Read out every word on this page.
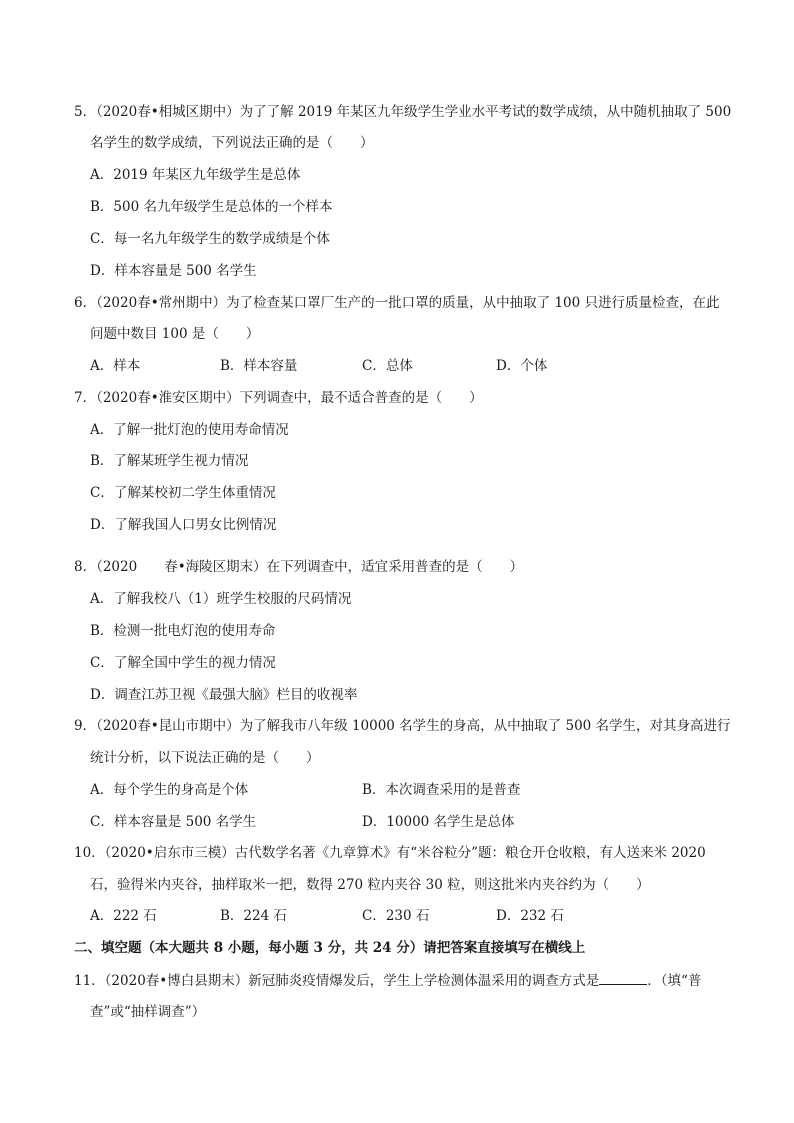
5．（2020春•相城区期中）为了了解 2019 年某区九年级学生学业水平考试的数学成绩，从中随机抽取了 500
名学生的数学成绩，下列说法正确的是（　　）
A．2019 年某区九年级学生是总体
B．500 名九年级学生是总体的一个样本
C．每一名九年级学生的数学成绩是个体
D．样本容量是 500 名学生
6．（2020春•常州期中）为了检查某口罩厂生产的一批口罩的质量，从中抽取了 100 只进行质量检查，在此
问题中数目 100 是（　　）
A．样本	B．样本容量	C．总体	D．个体
7．（2020春•淮安区期中）下列调查中，最不适合普查的是（　　）
A．了解一批灯泡的使用寿命情况
B．了解某班学生视力情况
C．了解某校初二学生体重情况
D．了解我国人口男女比例情况
8．（2020　　春•海陵区期末）在下列调查中，适宜采用普查的是（　　）
A．了解我校八（1）班学生校服的尺码情况
B．检测一批电灯泡的使用寿命
C．了解全国中学生的视力情况
D．调查江苏卫视《最强大脑》栏目的收视率
9．（2020春•昆山市期中）为了解我市八年级 10000 名学生的身高，从中抽取了 500 名学生，对其身高进行
统计分析，以下说法正确的是（　　）
A．每个学生的身高是个体	B．本次调查采用的是普查
C．样本容量是 500 名学生	D．10000 名学生是总体
10．（2020•启东市三模）古代数学名著《九章算术》有“米谷粒分”题：粮仓开仓收粮，有人送来米 2020
石，验得米内夹谷，抽样取米一把，数得 270 粒内夹谷 30 粒，则这批米内夹谷约为（　　）
A．222 石	B．224 石	C．230 石	D．232 石
二、填空题（本大题共 8 小题，每小题 3 分，共 24 分）请把答案直接填写在横线上
11．（2020春•博白县期末）新冠肺炎疫情爆发后，学生上学检测体温采用的调查方式是	．（填“普
查”或“抽样调查”）
